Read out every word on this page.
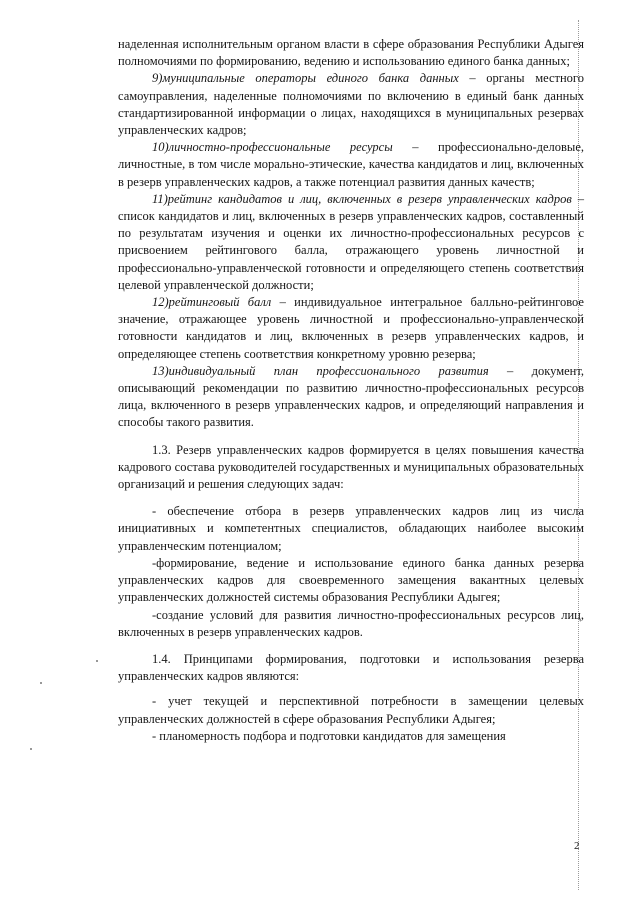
наделенная исполнительным органом власти в сфере образования Республики Адыгея полномочиями по формированию, ведению и использованию единого банка данных;

9)муниципальные операторы единого банка данных – органы местного самоуправления, наделенные полномочиями по включению в единый банк данных стандартизированной информации о лицах, находящихся в муниципальных резервах управленческих кадров;

10)личностно-профессиональные ресурсы – профессионально-деловые, личностные, в том числе морально-этические, качества кандидатов и лиц, включенных в резерв управленческих кадров, а также потенциал развития данных качеств;

11)рейтинг кандидатов и лиц, включенных в резерв управленческих кадров – список кандидатов и лиц, включенных в резерв управленческих кадров, составленный по результатам изучения и оценки их личностно-профессиональных ресурсов с присвоением рейтингового балла, отражающего уровень личностной и профессионально-управленческой готовности и определяющего степень соответствия целевой управленческой должности;

12)рейтинговый балл – индивидуальное интегральное балльно-рейтинговое значение, отражающее уровень личностной и профессионально-управленческой готовности кандидатов и лиц, включенных в резерв управленческих кадров, и определяющее степень соответствия конкретному уровню резерва;

13)индивидуальный план профессионального развития – документ, описывающий рекомендации по развитию личностно-профессиональных ресурсов лица, включенного в резерв управленческих кадров, и определяющий направления и способы такого развития.

1.3. Резерв управленческих кадров формируется в целях повышения качества кадрового состава руководителей государственных и муниципальных образовательных организаций и решения следующих задач:

- обеспечение отбора в резерв управленческих кадров лиц из числа инициативных и компетентных специалистов, обладающих наиболее высоким управленческим потенциалом;

-формирование, ведение и использование единого банка данных резерва управленческих кадров для своевременного замещения вакантных целевых управленческих должностей системы образования Республики Адыгея;

-создание условий для развития личностно-профессиональных ресурсов лиц, включенных в резерв управленческих кадров.

1.4. Принципами формирования, подготовки и использования резерва управленческих кадров являются:

- учет текущей и перспективной потребности в замещении целевых управленческих должностей в сфере образования Республики Адыгея;

- планомерность подбора и подготовки кандидатов для замещения

2
